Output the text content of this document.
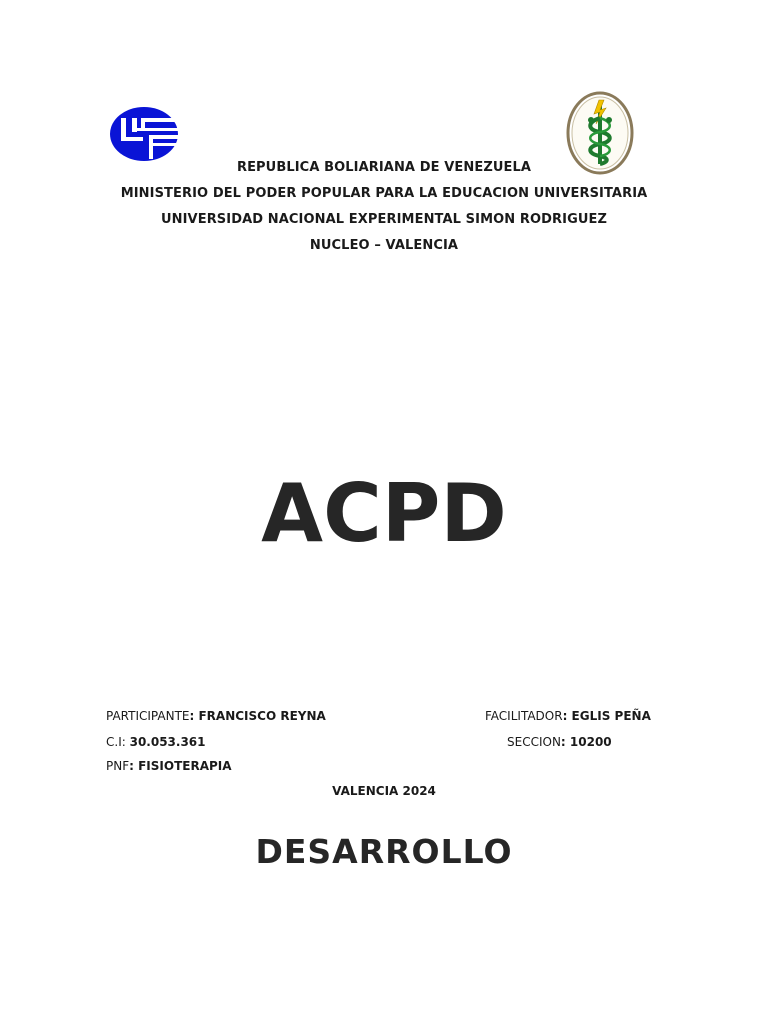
REPUBLICA BOLIARIANA DE VENEZUELA
MINISTERIO DEL PODER POPULAR PARA LA EDUCACION UNIVERSITARIA
UNIVERSIDAD NACIONAL EXPERIMENTAL SIMON RODRIGUEZ
NUCLEO – VALENCIA
ACPD
PARTICIPANTE: FRANCISCO REYNA
C.I: 30.053.361
PNF: FISIOTERAPIA
FACILITADOR: EGLIS PEÑA
SECCION: 10200
VALENCIA 2024
DESARROLLO
